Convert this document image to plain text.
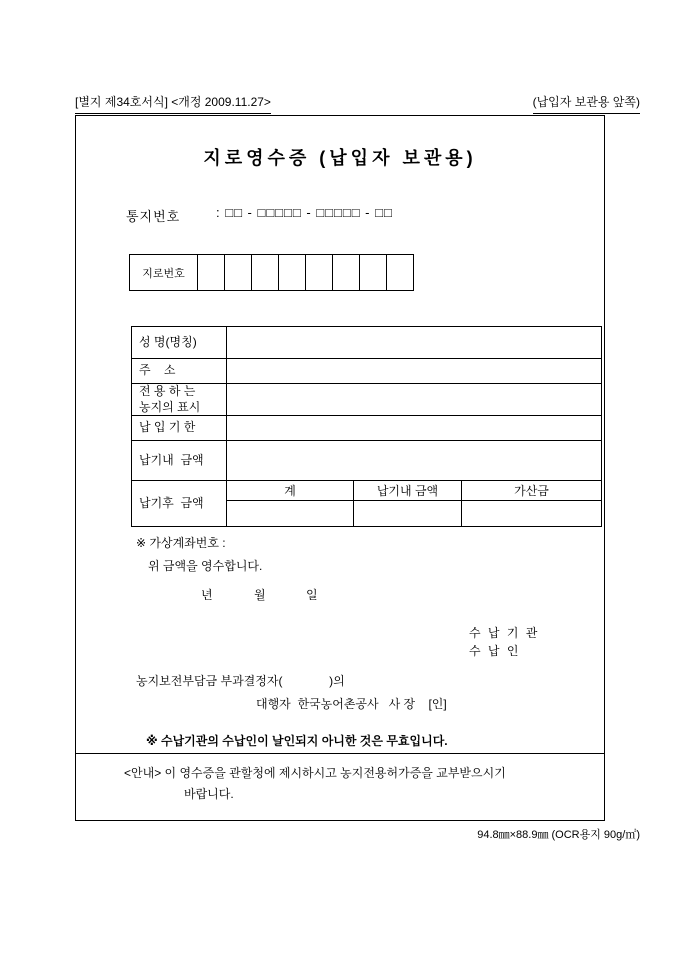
[별지 제34호서식] <개정 2009.11.27>	(납입자 보관용 앞쪽)
지로영수증 (납입자 보관용)
통지번호	: □□ - □□□□□ - □□□□□ - □□
지로번호								
성 명(명칭)			
주    소			
전 용 하 는
농지의 표시			
납 입 기 한			
납기내  금액			
납기후  금액	계	납기내 금액	가산금

※ 가상계좌번호 :
위 금액을 영수합니다.
년	월	일
수 납 기 관
수 납 인
농지보전부담금 부과결정자(              )의
대행자  한국농어촌공사   사 장    [인]
※ 수납기관의 수납인이 날인되지 아니한 것은 무효입니다.
<안내> 이 영수증을 관할청에 제시하시고 농지전용허가증을 교부받으시기
바랍니다.
94.8㎜×88.9㎜ (OCR용지 90g/㎡)
